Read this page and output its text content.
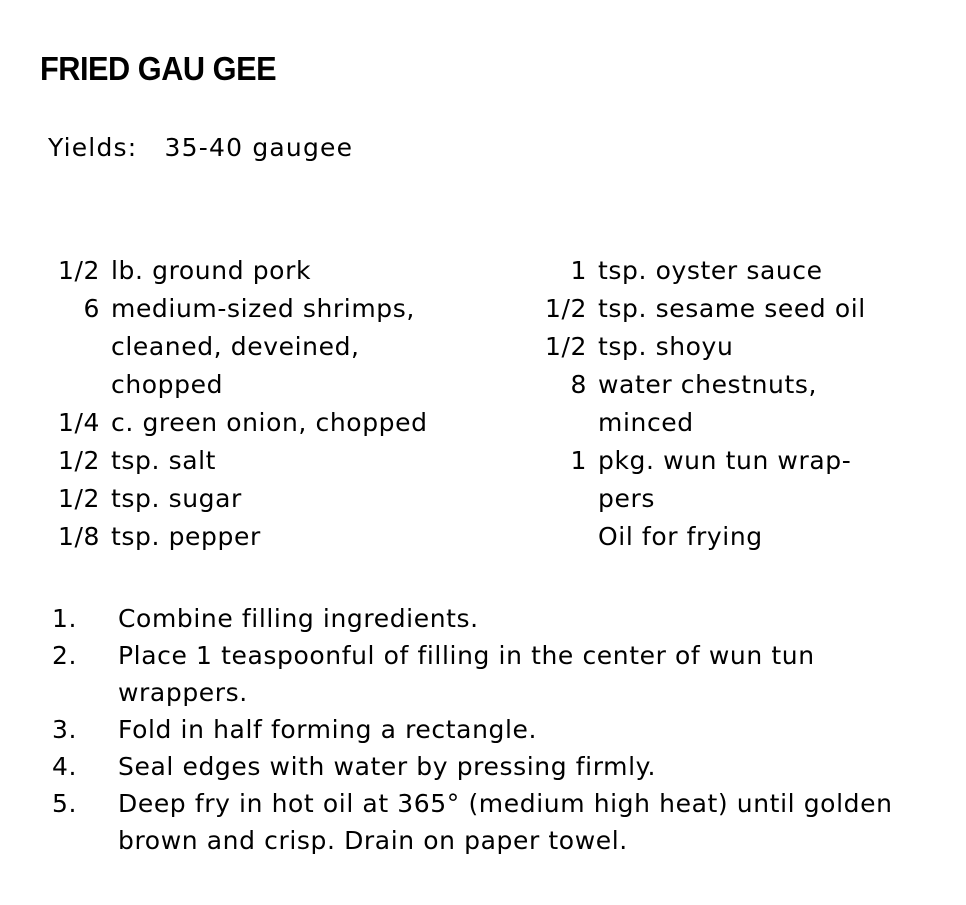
FRIED GAU GEE
Yields: 35-40 gaugee
1/2 lb. ground pork
6 medium-sized shrimps,
cleaned, deveined,
chopped
1/4 c. green onion, chopped
1/2 tsp. salt
1/2 tsp. sugar
1/8 tsp. pepper
1 tsp. oyster sauce
1/2 tsp. sesame seed oil
1/2 tsp. shoyu
8 water chestnuts,
minced
1 pkg. wun tun wrap-
pers
Oil for frying
1.	Combine filling ingredients.
2.	Place 1 teaspoonful of filling in the center of wun tun wrappers.
3.	Fold in half forming a rectangle.
4.	Seal edges with water by pressing firmly.
5.	Deep fry in hot oil at 365° (medium high heat) until golden brown and crisp. Drain on paper towel.
